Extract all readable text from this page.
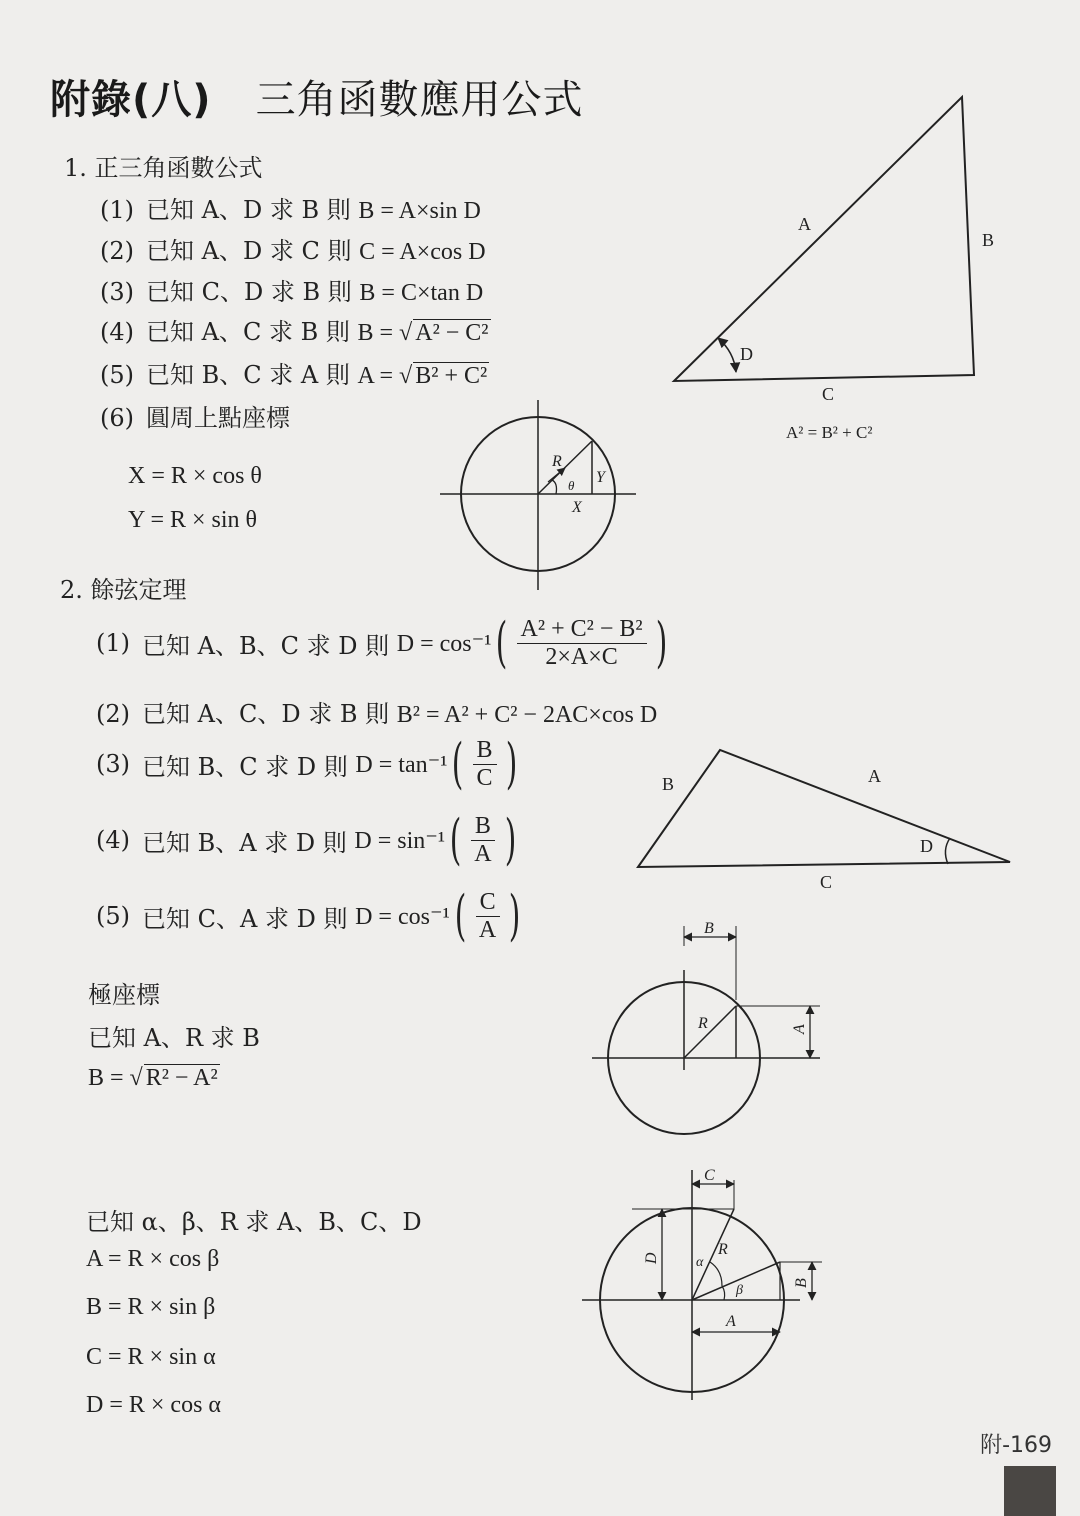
附錄(八) 三角函數應用公式
1. 正三角函數公式
(1) 已知 A、D 求 B 則 B = A×sin D
(2) 已知 A、D 求 C 則 C = A×cos D
(3) 已知 C、D 求 B 則 B = C×tan D
(4) 已知 A、C 求 B 則 B = √ A² − C²
(5) 已知 B、C 求 A 則 A = √ B² + C²
(6) 圓周上點座標
X = R × cos θ
Y = R × sin θ
2. 餘弦定理
(1) 已知 A、B、C 求 D 則
D = cos⁻¹ ( $\frac{\text{A² + C² − B²}}{2\times A\times C}$ )
(2) 已知 A、C、D 求 B 則 B² = A² + C² − 2AC×cos D
(3) 已知 B、C 求 D 則
D = tan⁻¹ ( $\frac{B}{C}$ )
(4) 已知 B、A 求 D 則
D = sin⁻¹ ( $\frac{B}{A}$ )
(5) 已知 C、A 求 D 則
D = cos⁻¹ ( $\frac{C}{A}$ )
極座標
已知 A、R 求 B
B = √ R² − A²
已知 α、β、R 求 A、B、C、D
A = R × cos β
B = R × sin β
C = R × sin α
D = R × cos α
A
B
C
D
A² = B² + C²
R
Y
θ
X
B	A
C
D
R
B
A
C
D
R
α
β	B
A
附-169
